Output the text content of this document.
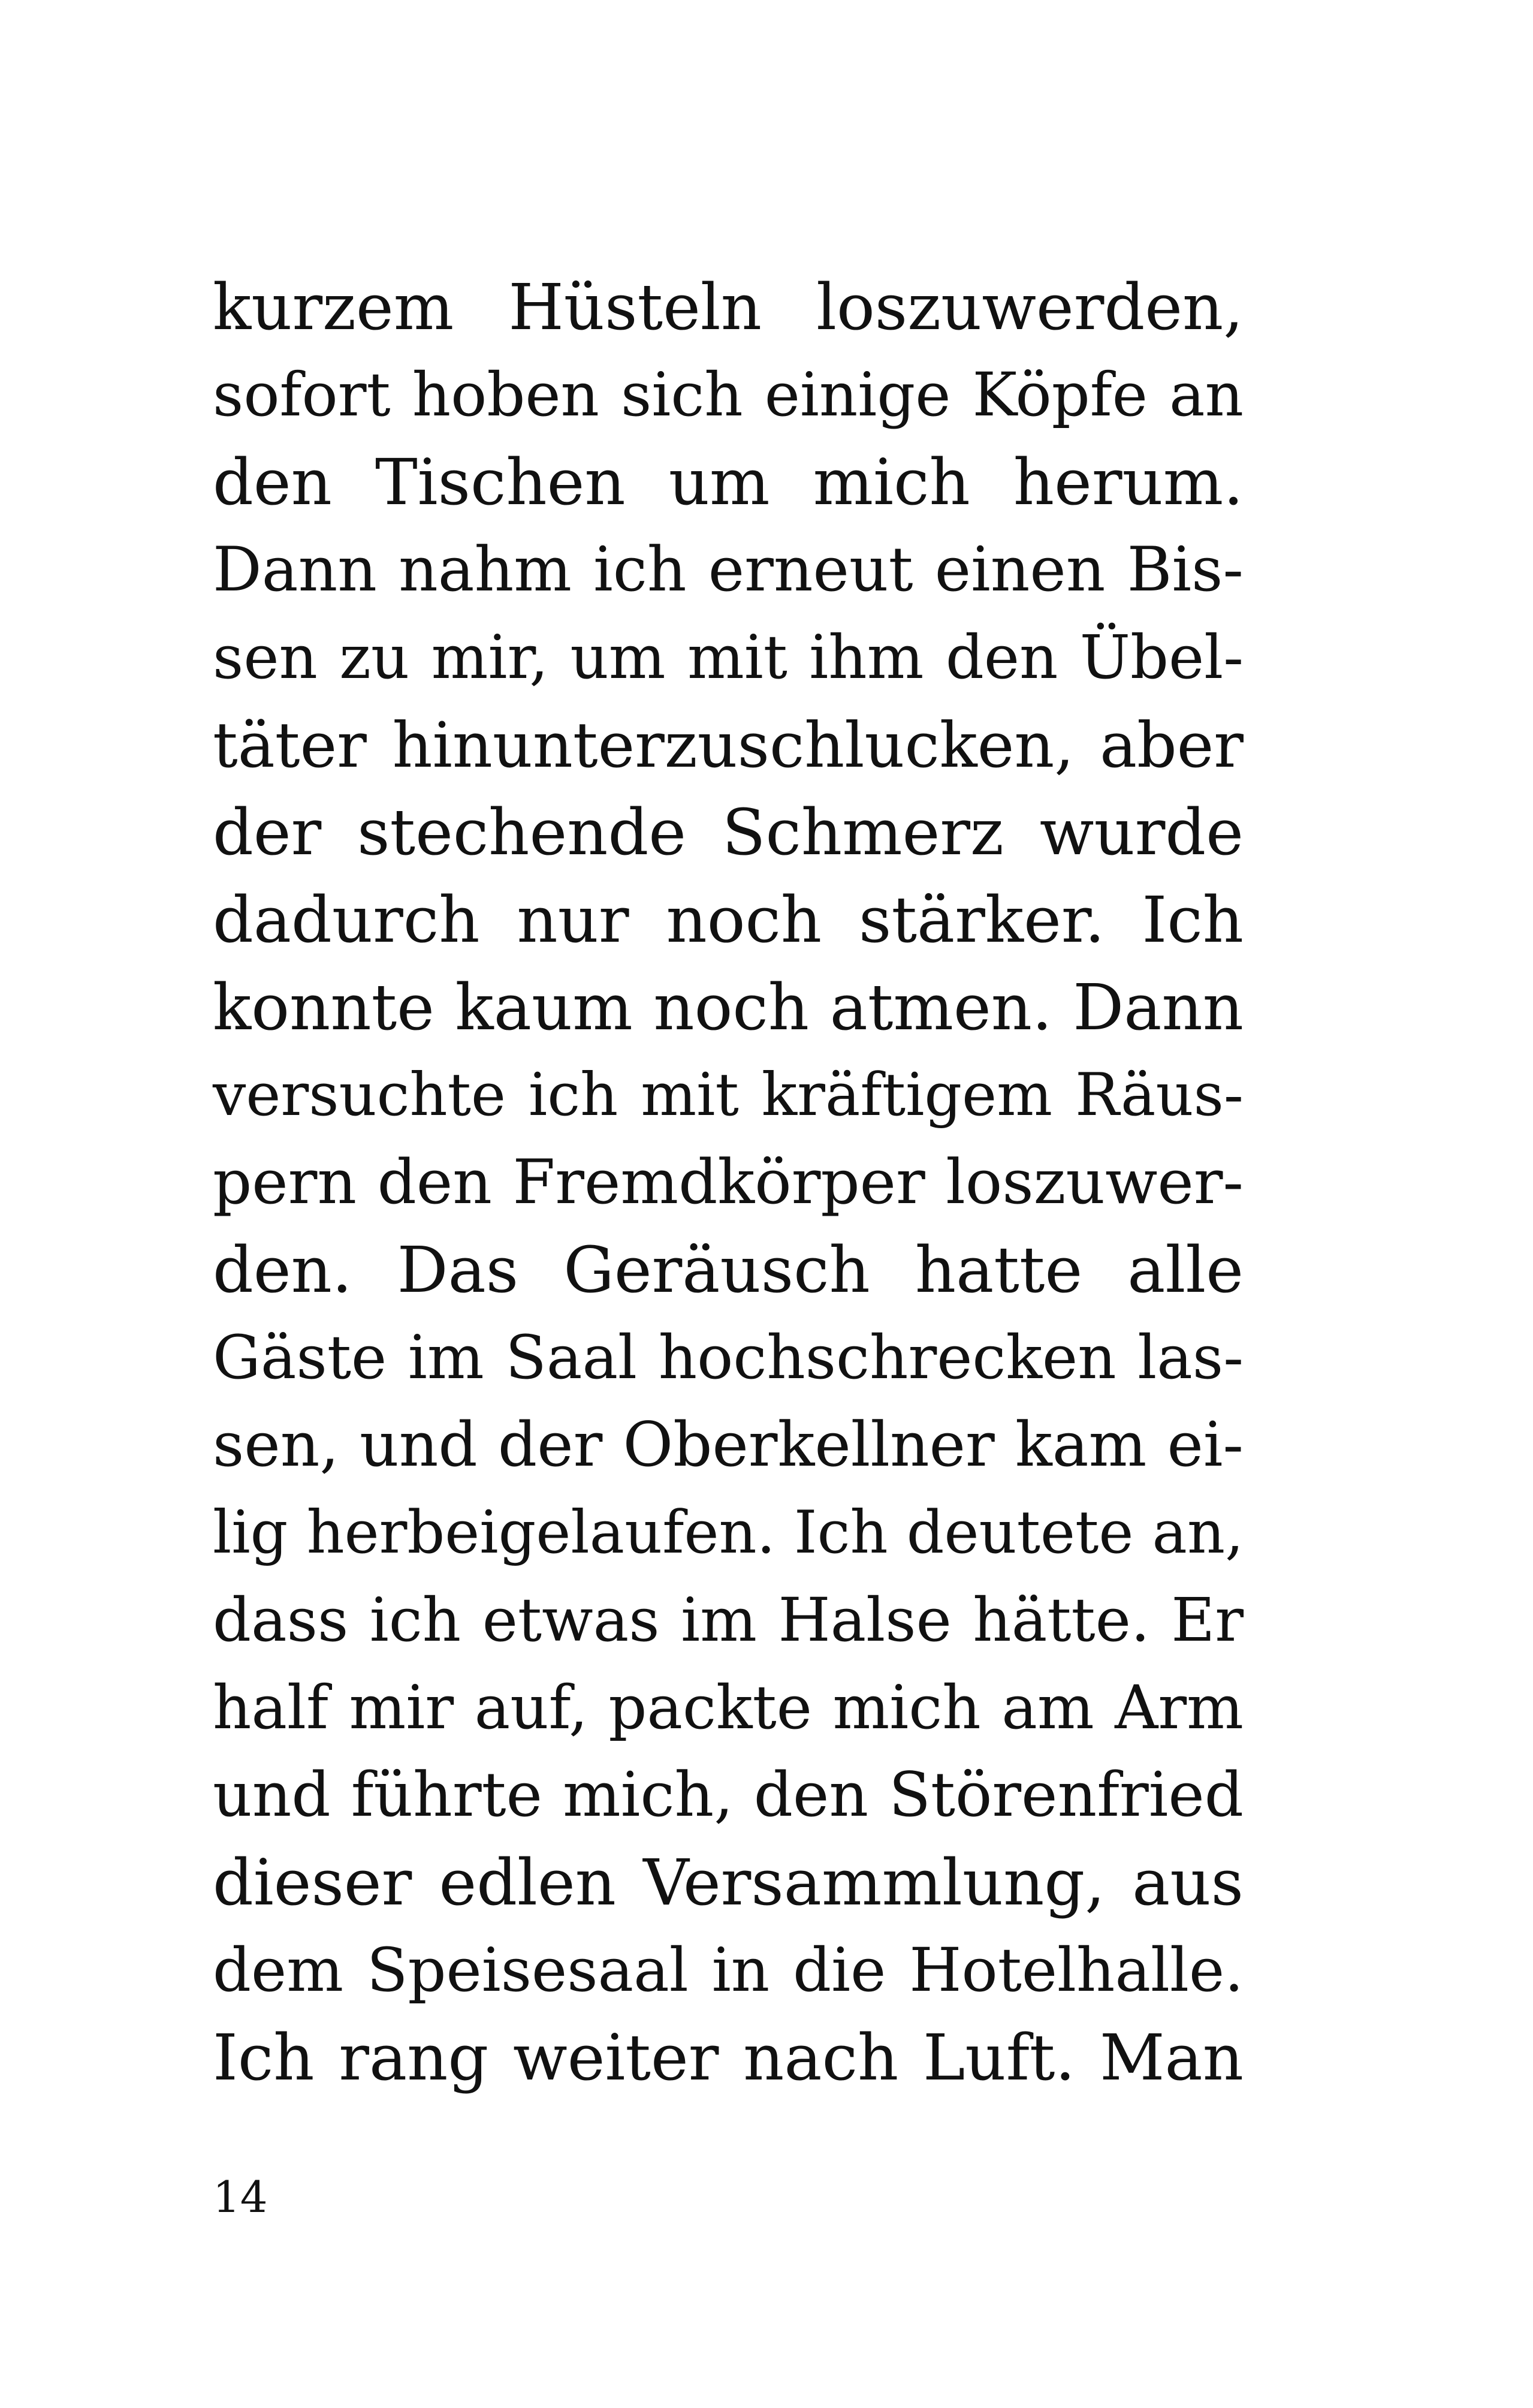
kurzem Hüsteln loszuwerden,
sofort hoben sich einige Köpfe an
den Tischen um mich herum.
Dann nahm ich erneut einen Bis-
sen zu mir, um mit ihm den Übel-
täter hinunterzuschlucken, aber
der stechende Schmerz wurde
dadurch nur noch stärker. Ich
konnte kaum noch atmen. Dann
versuchte ich mit kräftigem Räus-
pern den Fremdkörper loszuwer-
den. Das Geräusch hatte alle
Gäste im Saal hochschrecken las-
sen, und der Oberkellner kam ei-
lig herbeigelaufen. Ich deutete an,
dass ich etwas im Halse hätte. Er
half mir auf, packte mich am Arm
und führte mich, den Störenfried
dieser edlen Versammlung, aus
dem Speisesaal in die Hotelhalle.
Ich rang weiter nach Luft. Man
14
